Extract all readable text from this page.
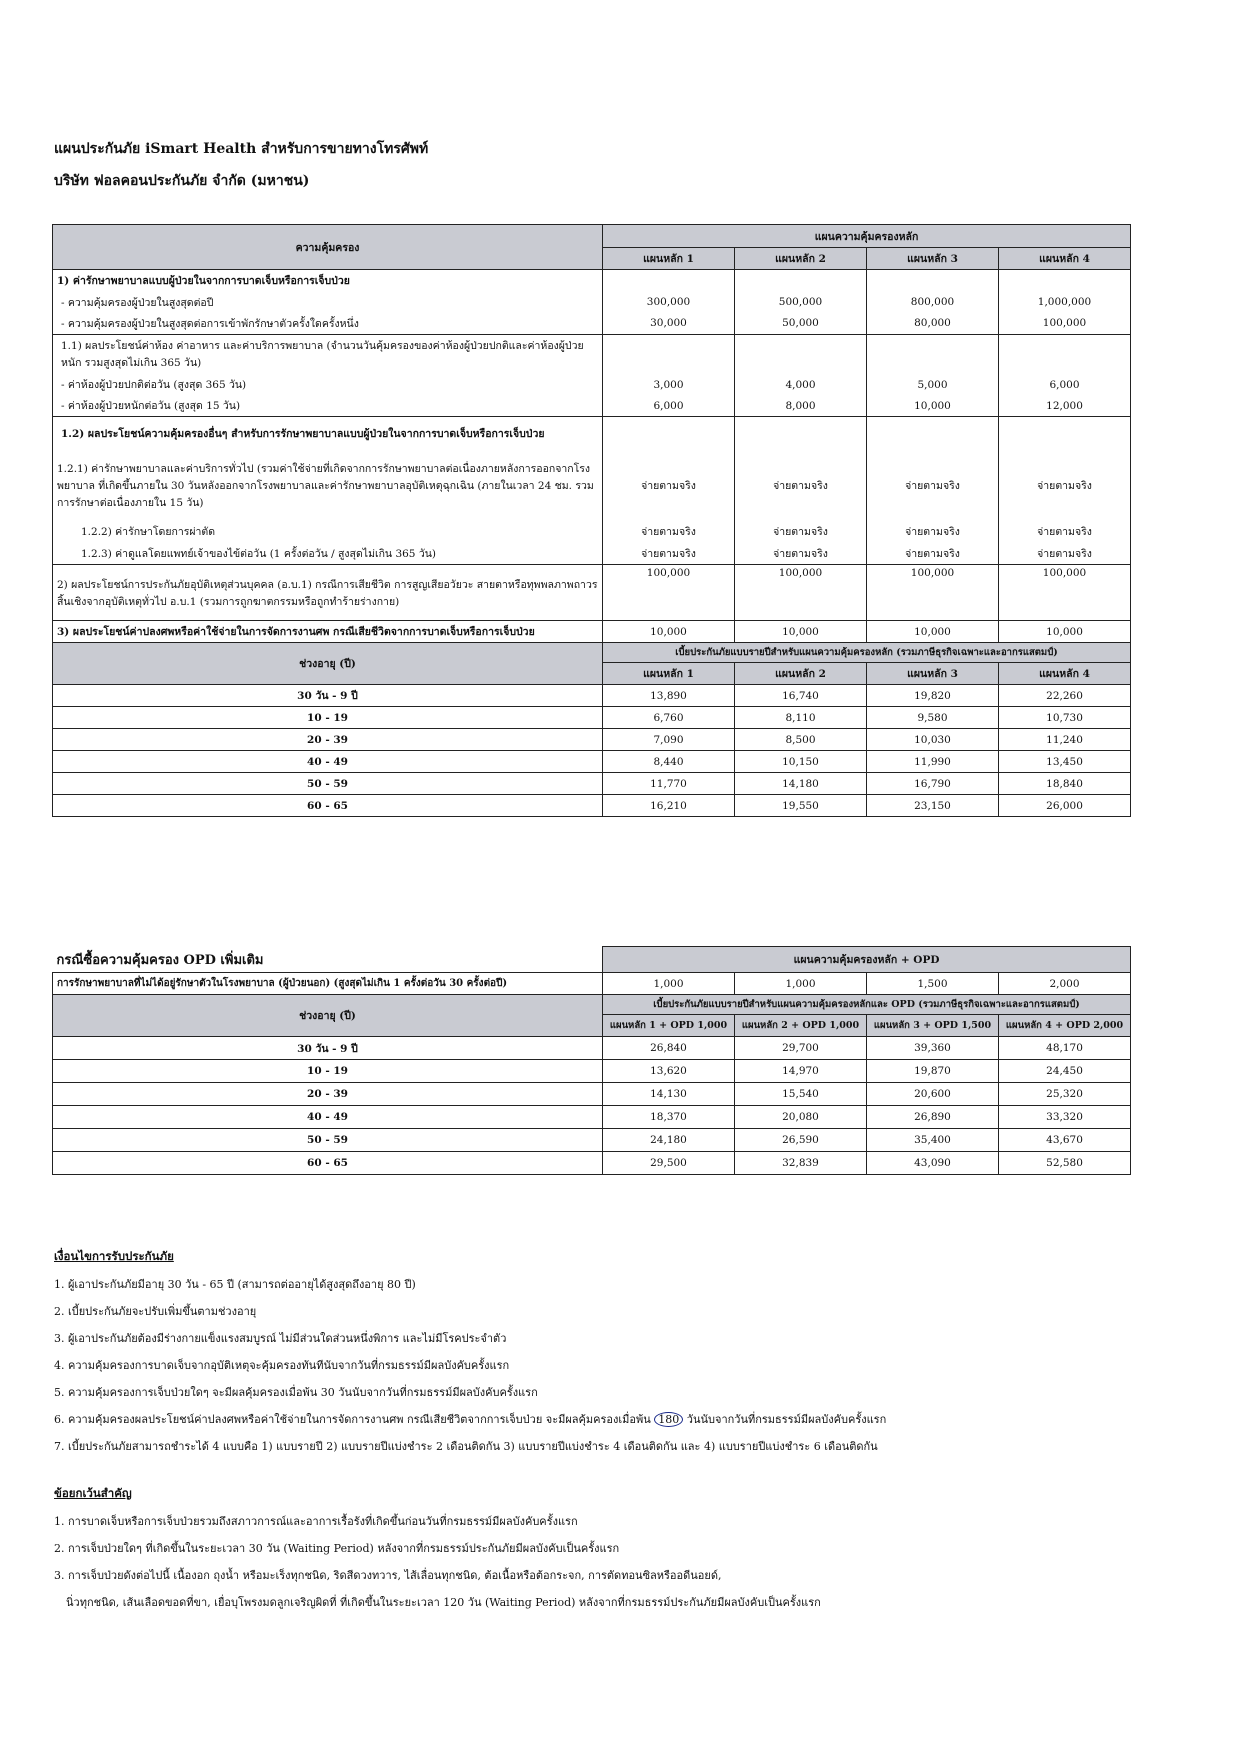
แผนประกันภัย iSmart Health สำหรับการขายทางโทรศัพท์
บริษัท ฟอลคอนประกันภัย จำกัด (มหาชน)
ความคุ้มครอง	แผนความคุ้มครองหลัก			
	แผนหลัก 1	แผนหลัก 2	แผนหลัก 3	แผนหลัก 4
1) ค่ารักษาพยาบาลแบบผู้ป่วยในจากการบาดเจ็บหรือการเจ็บป่วย				
- ความคุ้มครองผู้ป่วยในสูงสุดต่อปี	300,000	500,000	800,000	1,000,000
- ความคุ้มครองผู้ป่วยในสูงสุดต่อการเข้าพักรักษาตัวครั้งใดครั้งหนึ่ง	30,000	50,000	80,000	100,000
1.1) ผลประโยชน์ค่าห้อง ค่าอาหาร และค่าบริการพยาบาล (จำนวนวันคุ้มครองของค่าห้องผู้ป่วยปกติและค่าห้องผู้ป่วยหนัก รวมสูงสุดไม่เกิน 365 วัน)				
- ค่าห้องผู้ป่วยปกติต่อวัน (สูงสุด 365 วัน)	3,000	4,000	5,000	6,000
- ค่าห้องผู้ป่วยหนักต่อวัน (สูงสุด 15 วัน)	6,000	8,000	10,000	12,000
1.2) ผลประโยชน์ความคุ้มครองอื่นๆ สำหรับการรักษาพยาบาลแบบผู้ป่วยในจากการบาดเจ็บหรือการเจ็บป่วย				
1.2.1) ค่ารักษาพยาบาลและค่าบริการทั่วไป (รวมค่าใช้จ่ายที่เกิดจากการรักษาพยาบาลต่อเนื่องภายหลังการออกจากโรงพยาบาล ที่เกิดขึ้นภายใน 30 วันหลังออกจากโรงพยาบาลและค่ารักษาพยาบาลอุบัติเหตุฉุกเฉิน (ภายในเวลา 24 ชม. รวมการรักษาต่อเนื่องภายใน 15 วัน)	จ่ายตามจริง	จ่ายตามจริง	จ่ายตามจริง	จ่ายตามจริง
1.2.2) ค่ารักษาโดยการผ่าตัด	จ่ายตามจริง	จ่ายตามจริง	จ่ายตามจริง	จ่ายตามจริง
1.2.3) ค่าดูแลโดยแพทย์เจ้าของไข้ต่อวัน (1 ครั้งต่อวัน / สูงสุดไม่เกิน 365 วัน)	จ่ายตามจริง	จ่ายตามจริง	จ่ายตามจริง	จ่ายตามจริง
2) ผลประโยชน์การประกันภัยอุบัติเหตุส่วนบุคคล (อ.บ.1) กรณีการเสียชีวิต การสูญเสียอวัยวะ สายตาหรือทุพพลภาพถาวรสิ้นเชิงจากอุบัติเหตุทั่วไป อ.บ.1 (รวมการถูกฆาตกรรมหรือถูกทำร้ายร่างกาย)	100,000	100,000	100,000	100,000
3) ผลประโยชน์ค่าปลงศพหรือค่าใช้จ่ายในการจัดการงานศพ กรณีเสียชีวิตจากการบาดเจ็บหรือการเจ็บป่วย	10,000	10,000	10,000	10,000
ช่วงอายุ (ปี)	เบี้ยประกันภัยแบบรายปีสำหรับแผนความคุ้มครองหลัก (รวมภาษีธุรกิจเฉพาะและอากรแสตมป์)			
	แผนหลัก 1	แผนหลัก 2	แผนหลัก 3	แผนหลัก 4
30 วัน - 9 ปี	13,890	16,740	19,820	22,260
10 - 19	6,760	8,110	9,580	10,730
20 - 39	7,090	8,500	10,030	11,240
40 - 49	8,440	10,150	11,990	13,450
50 - 59	11,770	14,180	16,790	18,840
60 - 65	16,210	19,550	23,150	26,000
กรณีซื้อความคุ้มครอง OPD เพิ่มเติม	แผนความคุ้มครองหลัก + OPD			
การรักษาพยาบาลที่ไม่ได้อยู่รักษาตัวในโรงพยาบาล (ผู้ป่วยนอก) (สูงสุดไม่เกิน 1 ครั้งต่อวัน 30 ครั้งต่อปี)	1,000	1,000	1,500	2,000
ช่วงอายุ (ปี)	เบี้ยประกันภัยแบบรายปีสำหรับแผนความคุ้มครองหลักและ OPD (รวมภาษีธุรกิจเฉพาะและอากรแสตมป์)			
	แผนหลัก 1 + OPD 1,000	แผนหลัก 2 + OPD 1,000	แผนหลัก 3 + OPD 1,500	แผนหลัก 4 + OPD 2,000
30 วัน - 9 ปี	26,840	29,700	39,360	48,170
10 - 19	13,620	14,970	19,870	24,450
20 - 39	14,130	15,540	20,600	25,320
40 - 49	18,370	20,080	26,890	33,320
50 - 59	24,180	26,590	35,400	43,670
60 - 65	29,500	32,839	43,090	52,580
เงื่อนไขการรับประกันภัย
1. ผู้เอาประกันภัยมีอายุ 30 วัน - 65 ปี (สามารถต่ออายุได้สูงสุดถึงอายุ 80 ปี)
2. เบี้ยประกันภัยจะปรับเพิ่มขึ้นตามช่วงอายุ
3. ผู้เอาประกันภัยต้องมีร่างกายแข็งแรงสมบูรณ์ ไม่มีส่วนใดส่วนหนึ่งพิการ และไม่มีโรคประจำตัว
4. ความคุ้มครองการบาดเจ็บจากอุบัติเหตุจะคุ้มครองทันทีนับจากวันที่กรมธรรม์มีผลบังคับครั้งแรก
5. ความคุ้มครองการเจ็บป่วยใดๆ จะมีผลคุ้มครองเมื่อพ้น 30 วันนับจากวันที่กรมธรรม์มีผลบังคับครั้งแรก
6. ความคุ้มครองผลประโยชน์ค่าปลงศพหรือค่าใช้จ่ายในการจัดการงานศพ กรณีเสียชีวิตจากการเจ็บป่วย จะมีผลคุ้มครองเมื่อพ้น 180 วันนับจากวันที่กรมธรรม์มีผลบังคับครั้งแรก
7. เบี้ยประกันภัยสามารถชำระได้ 4 แบบคือ 1) แบบรายปี 2) แบบรายปีแบ่งชำระ 2 เดือนติดกัน 3) แบบรายปีแบ่งชำระ 4 เดือนติดกัน และ 4) แบบรายปีแบ่งชำระ 6 เดือนติดกัน
ข้อยกเว้นสำคัญ
1. การบาดเจ็บหรือการเจ็บป่วยรวมถึงสภาวการณ์และอาการเรื้อรังที่เกิดขึ้นก่อนวันที่กรมธรรม์มีผลบังคับครั้งแรก
2. การเจ็บป่วยใดๆ ที่เกิดขึ้นในระยะเวลา 30 วัน (Waiting Period) หลังจากที่กรมธรรม์ประกันภัยมีผลบังคับเป็นครั้งแรก
3. การเจ็บป่วยดังต่อไปนี้ เนื้องอก ถุงน้ำ หรือมะเร็งทุกชนิด, ริดสีดวงทวาร, ไส้เลื่อนทุกชนิด, ต้อเนื้อหรือต้อกระจก, การตัดทอนซิลหรืออดีนอยด์,
นิ่วทุกชนิด, เส้นเลือดขอดที่ขา, เยื่อบุโพรงมดลูกเจริญผิดที่ ที่เกิดขึ้นในระยะเวลา 120 วัน (Waiting Period) หลังจากที่กรมธรรม์ประกันภัยมีผลบังคับเป็นครั้งแรก
